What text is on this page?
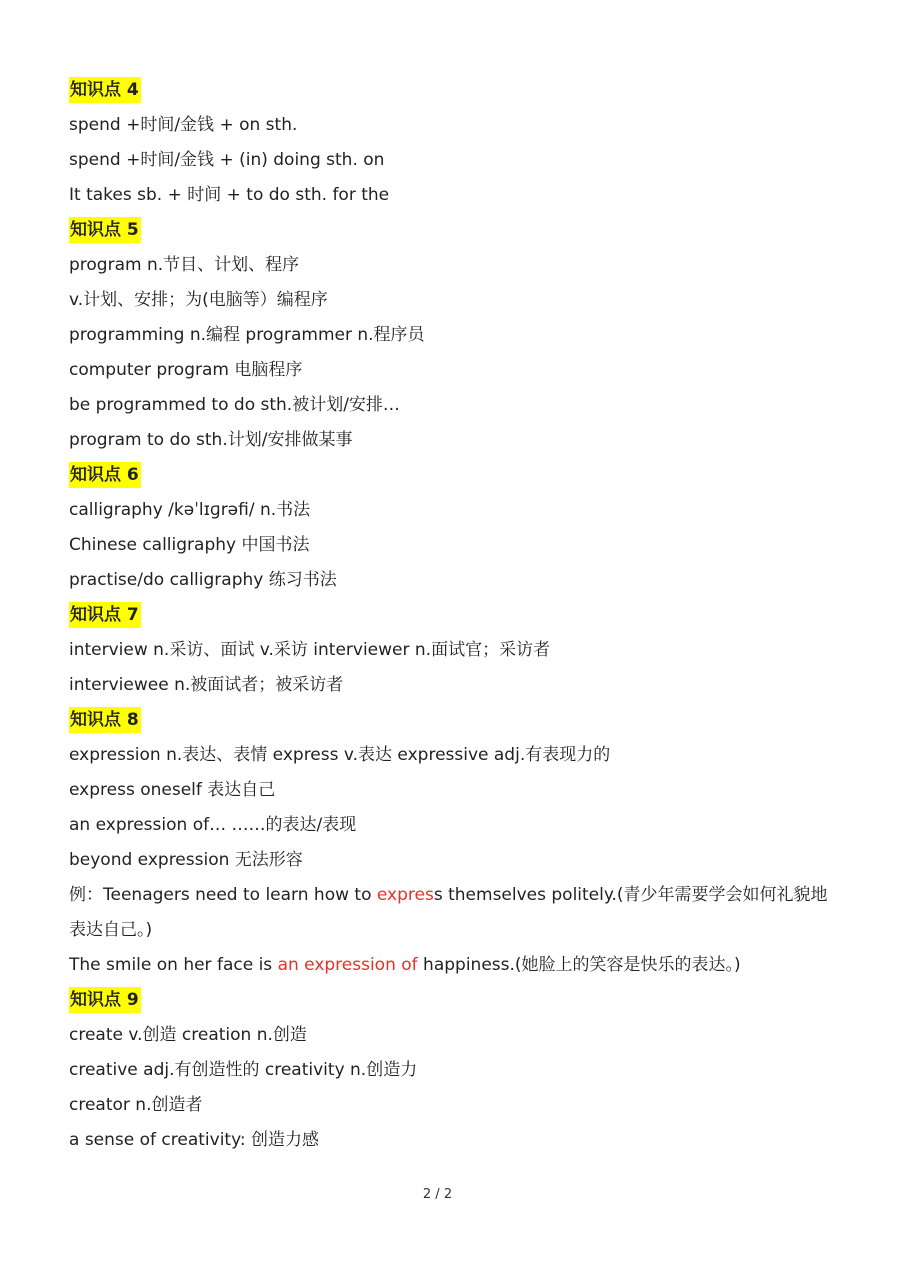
知识点 4
spend +时间/金钱 + on sth.
spend +时间/金钱 + (in) doing sth. on
It takes sb. + 时间 + to do sth. for the
知识点 5
program n.节目、计划、程序
v.计划、安排；为(电脑等）编程序
programming n.编程 programmer n.程序员
computer program 电脑程序
be programmed to do sth.被计划/安排…
program to do sth.计划/安排做某事
知识点 6
calligraphy /kəˈlɪɡrəfi/ n.书法
Chinese calligraphy 中国书法
practise/do calligraphy 练习书法
知识点 7
interview n.采访、面试 v.采访 interviewer n.面试官；采访者
interviewee n.被面试者；被采访者
知识点 8
expression n.表达、表情 express v.表达 expressive adj.有表现力的
express oneself 表达自己
an expression of… ……的表达/表现
beyond expression 无法形容
例：Teenagers need to learn how to express themselves politely.(青少年需要学会如何礼貌地
表达自己。)
The smile on her face is an expression of happiness.(她脸上的笑容是快乐的表达。)
知识点 9
create v.创造 creation n.创造
creative adj.有创造性的 creativity n.创造力
creator n.创造者
a sense of creativity: 创造力感
2 / 2
